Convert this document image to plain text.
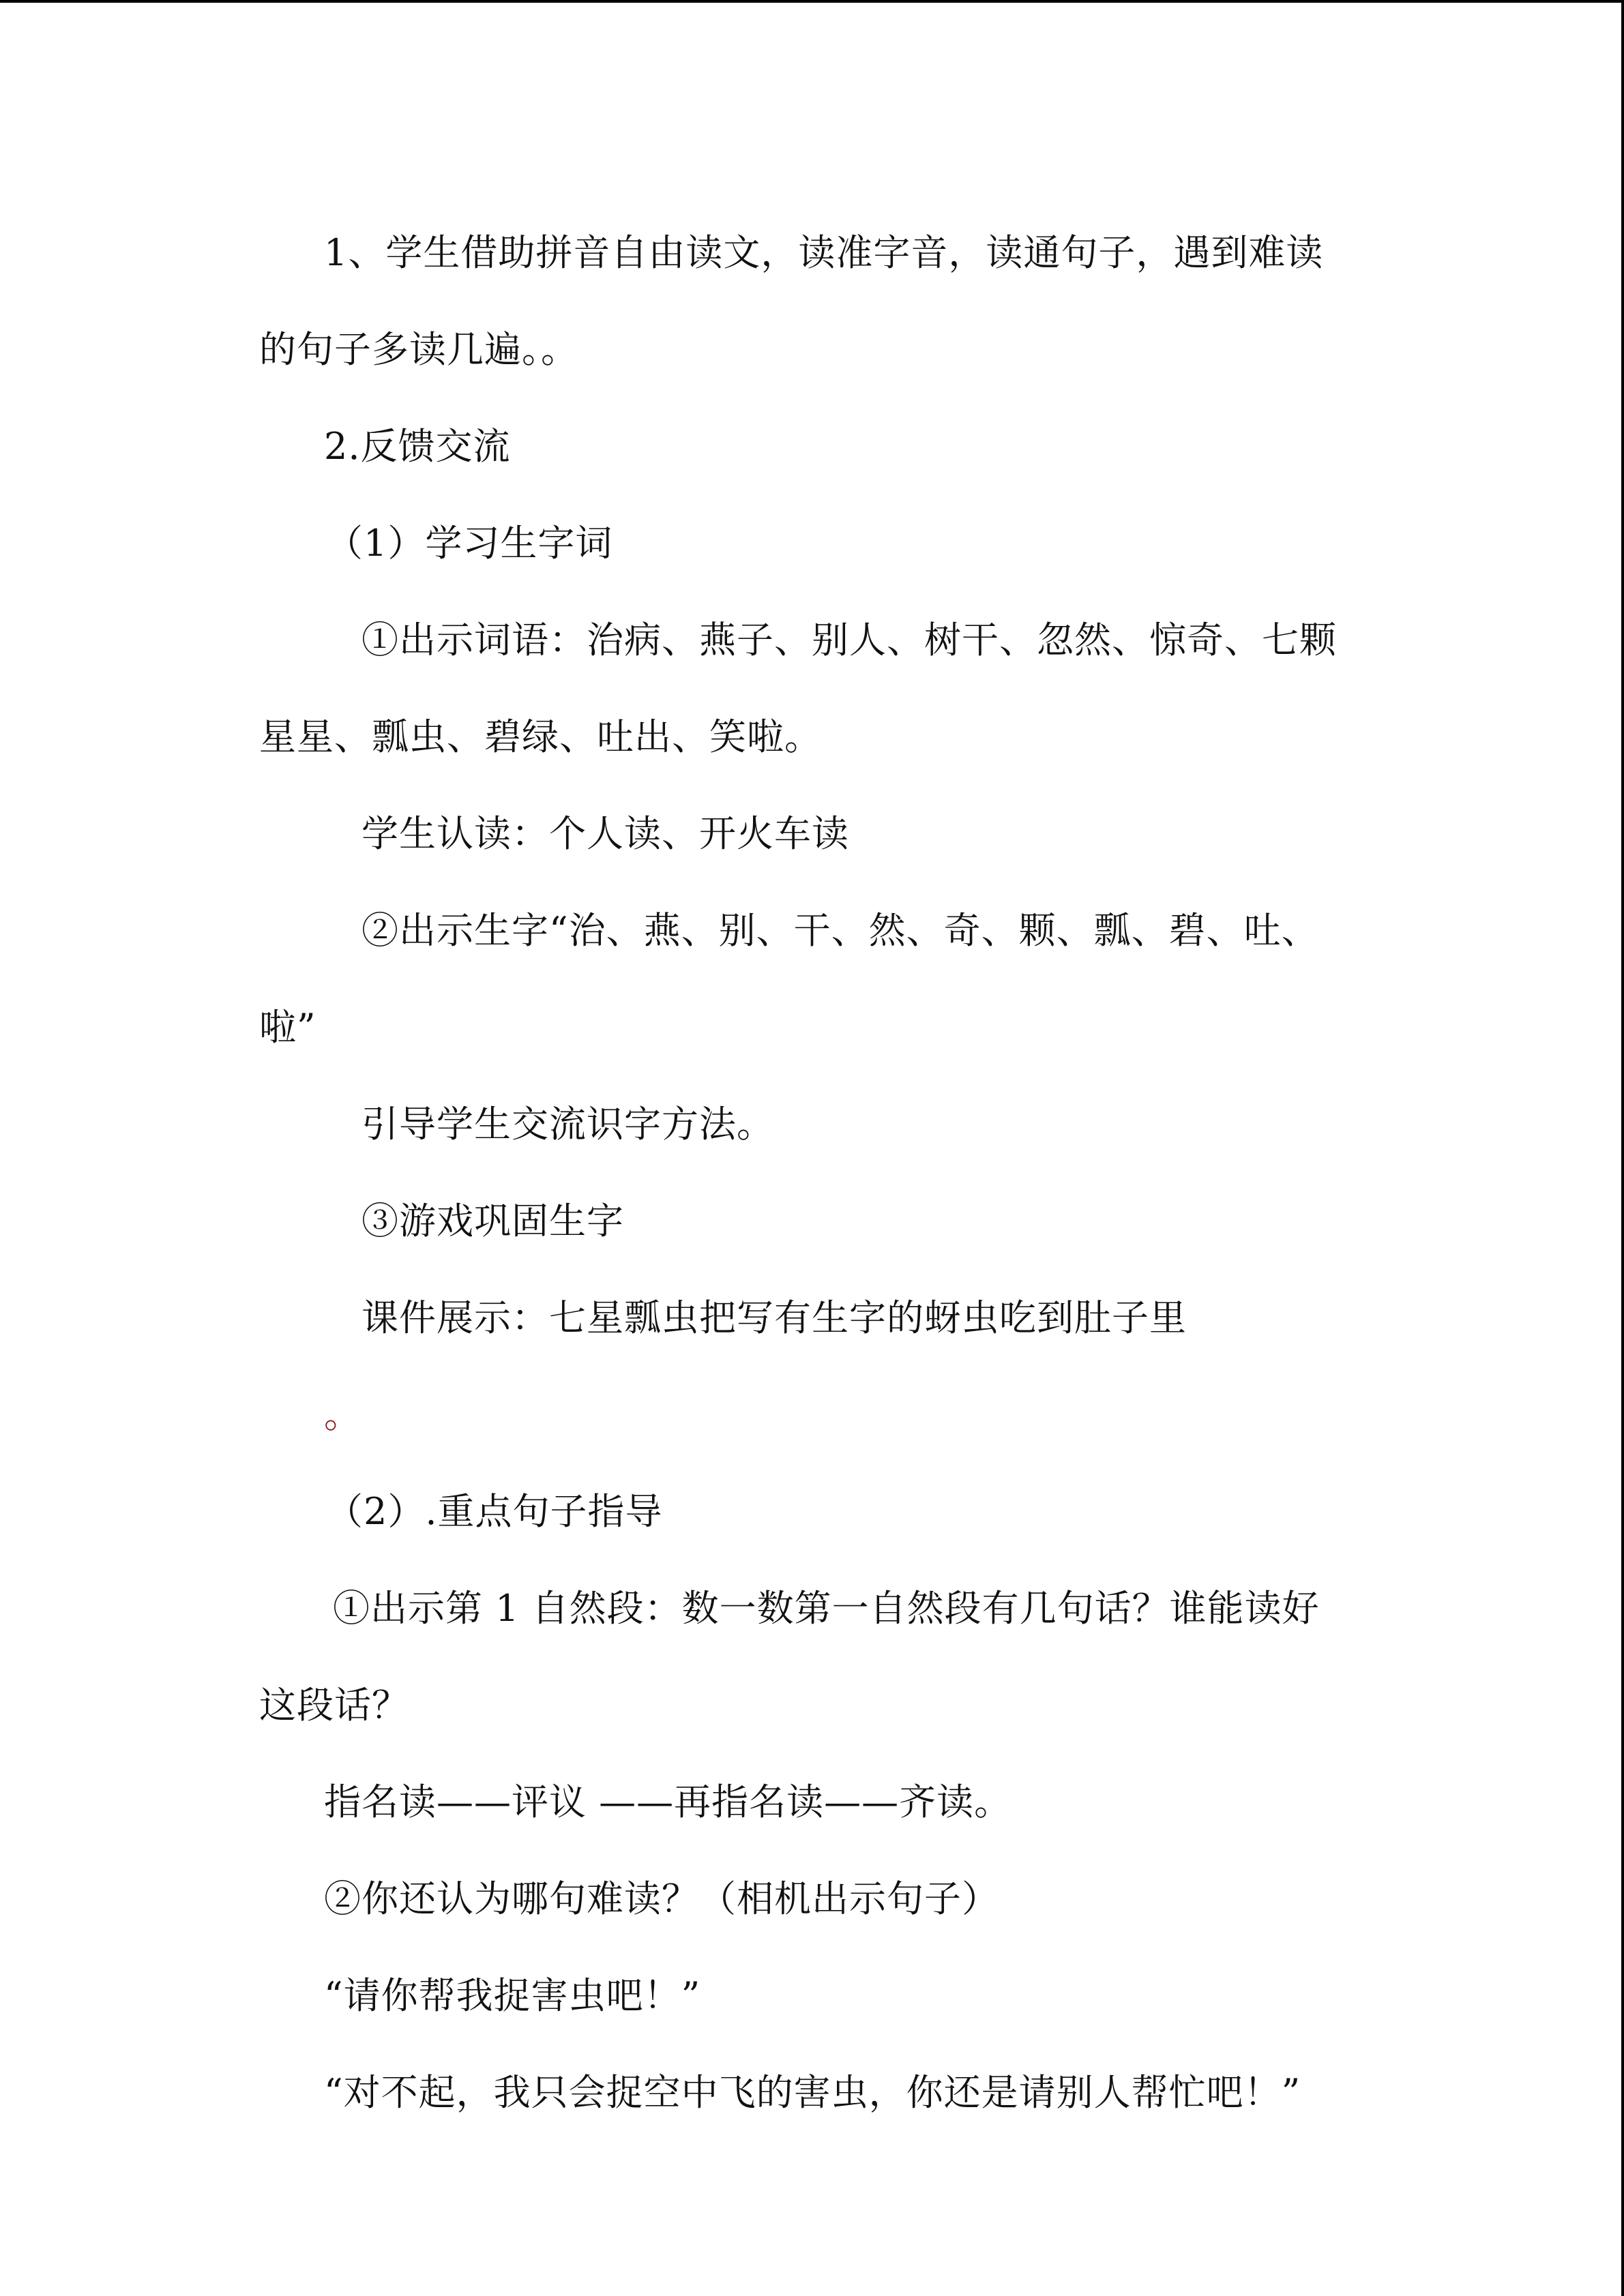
1、学生借助拼音自由读文，读准字音，读通句子，遇到难读

的句子多读几遍。。

2.反馈交流

（1）学习生字词

①出示词语：治病、燕子、别人、树干、忽然、惊奇、七颗

星星、瓢虫、碧绿、吐出、笑啦。

学生认读：个人读、开火车读

②出示生字“治、燕、别、干、然、奇、颗、瓢、碧、吐、

啦”

引导学生交流识字方法。

③游戏巩固生字

课件展示：七星瓢虫把写有生字的蚜虫吃到肚子里

。

（2）.重点句子指导

①出示第 1 自然段：数一数第一自然段有几句话？谁能读好

这段话？

指名读——评议 ——再指名读——齐读。

②你还认为哪句难读？（相机出示句子）

“请你帮我捉害虫吧！”

“对不起，我只会捉空中飞的害虫，你还是请别人帮忙吧！”
